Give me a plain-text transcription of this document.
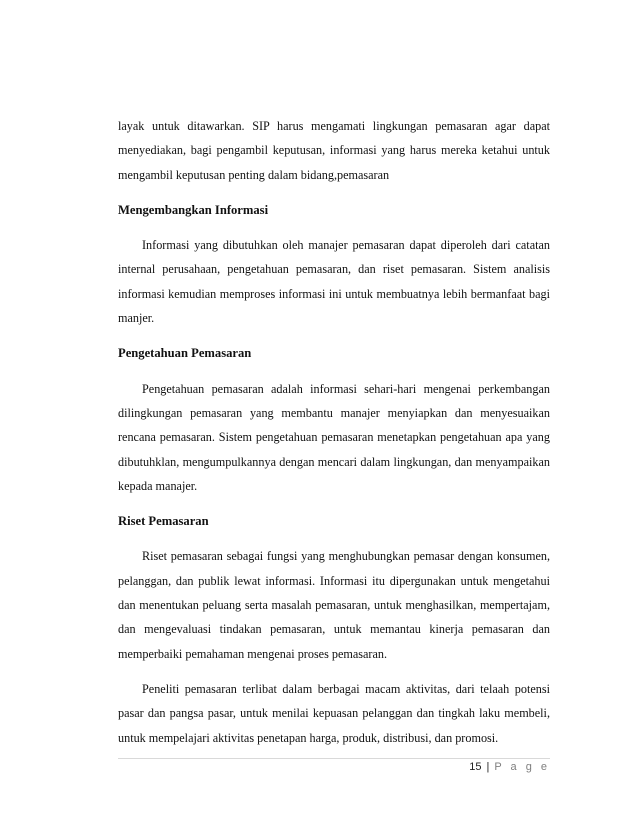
layak untuk ditawarkan. SIP harus mengamati lingkungan pemasaran agar dapat menyediakan, bagi pengambil keputusan, informasi yang harus mereka ketahui untuk mengambil keputusan penting dalam bidang,pemasaran

Mengembangkan Informasi

Informasi yang dibutuhkan oleh manajer pemasaran dapat diperoleh dari catatan internal perusahaan, pengetahuan pemasaran, dan riset pemasaran. Sistem analisis informasi kemudian memproses informasi ini untuk membuatnya lebih bermanfaat bagi manjer.

Pengetahuan Pemasaran

Pengetahuan pemasaran adalah informasi sehari-hari mengenai perkembangan dilingkungan pemasaran yang membantu manajer menyiapkan dan menyesuaikan rencana pemasaran. Sistem pengetahuan pemasaran menetapkan pengetahuan apa yang dibutuhklan, mengumpulkannya dengan mencari dalam lingkungan, dan menyampaikan kepada manajer.

Riset Pemasaran

Riset pemasaran sebagai fungsi yang menghubungkan pemasar dengan konsumen, pelanggan, dan publik lewat informasi. Informasi itu dipergunakan untuk mengetahui dan menentukan peluang serta masalah pemasaran, untuk menghasilkan, mempertajam, dan mengevaluasi tindakan pemasaran, untuk memantau kinerja pemasaran dan memperbaiki pemahaman mengenai proses pemasaran.

Peneliti pemasaran terlibat dalam berbagai macam aktivitas, dari telaah potensi pasar dan pangsa pasar, untuk menilai kepuasan pelanggan dan tingkah laku membeli, untuk mempelajari aktivitas penetapan harga, produk, distribusi, dan promosi.

15 | P a g e
